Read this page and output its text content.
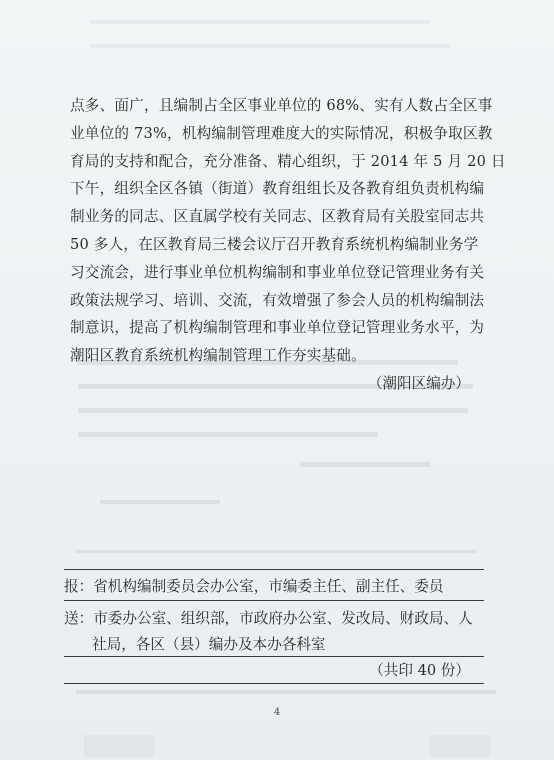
点多、面广，且编制占全区事业单位的 68%、实有人数占全区事
业单位的 73%，机构编制管理难度大的实际情况，积极争取区教
育局的支持和配合，充分准备、精心组织，于 2014 年 5 月 20 日
下午，组织全区各镇（街道）教育组组长及各教育组负责机构编
制业务的同志、区直属学校有关同志、区教育局有关股室同志共
50 多人，在区教育局三楼会议厅召开教育系统机构编制业务学
习交流会，进行事业单位机构编制和事业单位登记管理业务有关
政策法规学习、培训、交流，有效增强了参会人员的机构编制法
制意识，提高了机构编制管理和事业单位登记管理业务水平，为
潮阳区教育系统机构编制管理工作夯实基础。
（潮阳区编办）
报：省机构编制委员会办公室，市编委主任、副主任、委员
送：市委办公室、组织部，市政府办公室、发改局、财政局、人
社局，各区（县）编办及本办各科室
（共印 40 份）
4
